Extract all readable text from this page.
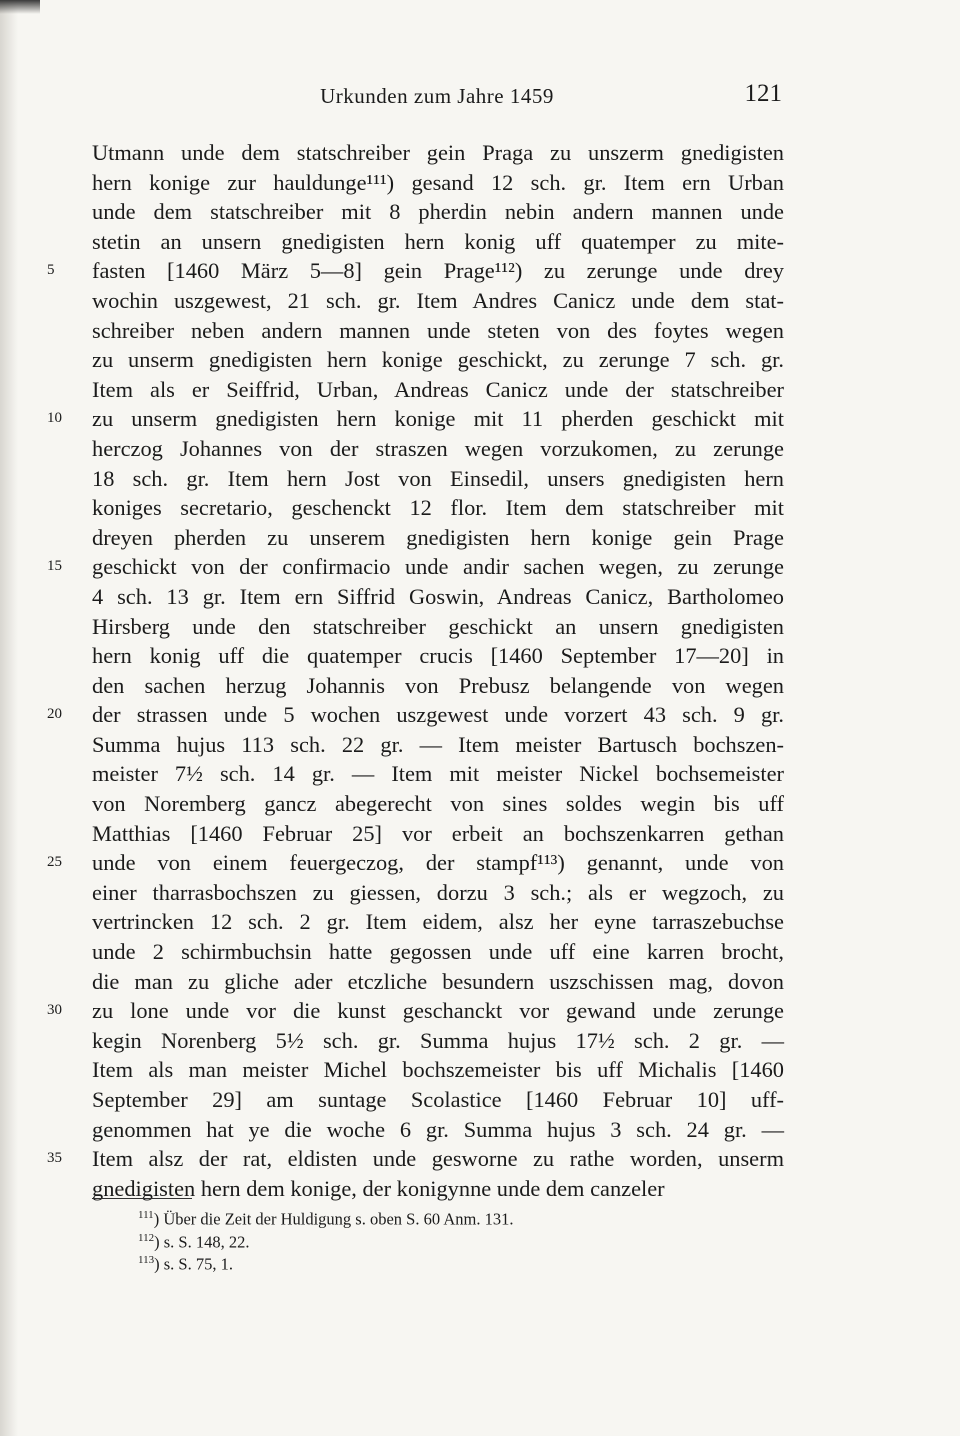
Urkunden zum Jahre 1459	121
Utmann unde dem statschreiber gein Praga zu unszerm gnedigisten
hern konige zur hauldunge¹¹¹) gesand 12 sch. gr. Item ern Urban
unde dem statschreiber mit 8 pherdin nebin andern mannen unde
stetin an unsern gnedigisten hern konig uff quatemper zu mite-
5	fasten [1460 März 5—8] gein Prage¹¹²) zu zerunge unde drey
wochin uszgewest, 21 sch. gr. Item Andres Canicz unde dem stat-
schreiber neben andern mannen unde steten von des foytes wegen
zu unserm gnedigisten hern konige geschickt, zu zerunge 7 sch. gr.
Item als er Seiffrid, Urban, Andreas Canicz unde der statschreiber
10	zu unserm gnedigisten hern konige mit 11 pherden geschickt mit
herczog Johannes von der straszen wegen vorzukomen, zu zerunge
18 sch. gr. Item hern Jost von Einsedil, unsers gnedigisten hern
koniges secretario, geschenckt 12 flor. Item dem statschreiber mit
dreyen pherden zu unserem gnedigisten hern konige gein Prage
15	geschickt von der confirmacio unde andir sachen wegen, zu zerunge
4 sch. 13 gr. Item ern Siffrid Goswin, Andreas Canicz, Bartholomeo
Hirsberg unde den statschreiber geschickt an unsern gnedigisten
hern konig uff die quatemper crucis [1460 September 17—20] in
den sachen herzug Johannis von Prebusz belangende von wegen
20	der strassen unde 5 wochen uszgewest unde vorzert 43 sch. 9 gr.
Summa hujus 113 sch. 22 gr. — Item meister Bartusch bochszen-
meister 7½ sch. 14 gr. — Item mit meister Nickel bochsemeister
von Noremberg gancz abegerecht von sines soldes wegin bis uff
Matthias [1460 Februar 25] vor erbeit an bochszenkarren gethan
25	unde von einem feuergeczog, der stampf¹¹³) genannt, unde von
einer tharrasbochszen zu giessen, dorzu 3 sch.; als er wegzoch, zu
vertrincken 12 sch. 2 gr. Item eidem, alsz her eyne tarraszebuchse
unde 2 schirmbuchsin hatte gegossen unde uff eine karren brocht,
die man zu gliche ader etczliche besundern uszschissen mag, dovon
30	zu lone unde vor die kunst geschanckt vor gewand unde zerunge
kegin Norenberg 5½ sch. gr. Summa hujus 17½ sch. 2 gr. —
Item als man meister Michel bochszemeister bis uff Michalis [1460
September 29] am suntage Scolastice [1460 Februar 10] uff-
genommen hat ye die woche 6 gr. Summa hujus 3 sch. 24 gr. —
35	Item alsz der rat, eldisten unde gesworne zu rathe worden, unserm
gnedigisten hern dem konige, der konigynne unde dem canzeler
$^{111}$) Über die Zeit der Huldigung s. oben S. 60 Anm. 131.
$^{112}$) s. S. 148, 22.
$^{113}$) s. S. 75, 1.
